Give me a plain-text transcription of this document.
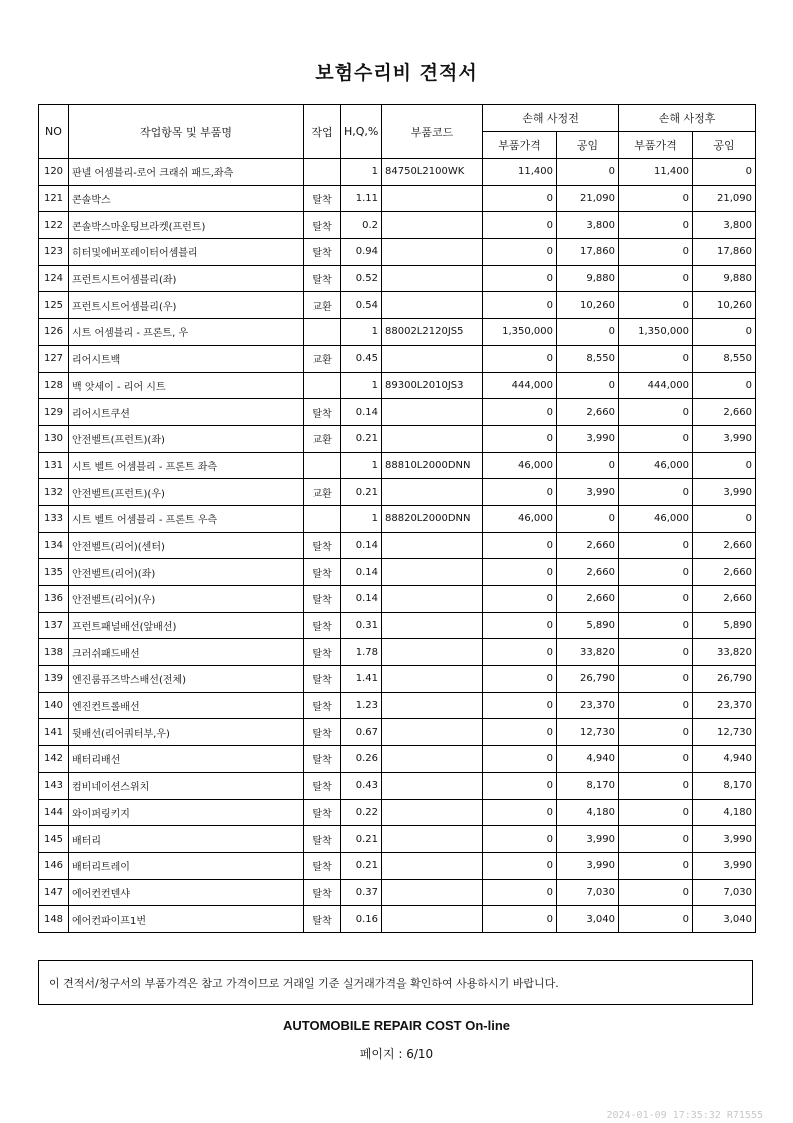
보험수리비 견적서
NO	작업항목 및 부품명	작업	H,Q,%	부품코드	손해 사정전		손해 사정후	
					부품가격	공임	부품가격	공임
120	판넬 어셈블리-로어 크래쉬 패드,좌측		1	84750L2100WK	11,400	0	11,400	0
121	콘솔박스	탈착	1.11		0	21,090	0	21,090
122	콘솔박스마운팅브라켓(프런트)	탈착	0.2		0	3,800	0	3,800
123	히터및에버포레이터어셈블리	탈착	0.94		0	17,860	0	17,860
124	프런트시트어셈블리(좌)	탈착	0.52		0	9,880	0	9,880
125	프런트시트어셈블리(우)	교환	0.54		0	10,260	0	10,260
126	시트 어셈블리 - 프론트, 우		1	88002L2120JS5	1,350,000	0	1,350,000	0
127	리어시트백	교환	0.45		0	8,550	0	8,550
128	백 앗세이 - 리어 시트		1	89300L2010JS3	444,000	0	444,000	0
129	리어시트쿠션	탈착	0.14		0	2,660	0	2,660
130	안전벨트(프런트)(좌)	교환	0.21		0	3,990	0	3,990
131	시트 벨트 어셈블리 - 프론트 좌측		1	88810L2000DNN	46,000	0	46,000	0
132	안전벨트(프런트)(우)	교환	0.21		0	3,990	0	3,990
133	시트 벨트 어셈블리 - 프론트 우측		1	88820L2000DNN	46,000	0	46,000	0
134	안전벨트(리어)(센터)	탈착	0.14		0	2,660	0	2,660
135	안전벨트(리어)(좌)	탈착	0.14		0	2,660	0	2,660
136	안전벨트(리어)(우)	탈착	0.14		0	2,660	0	2,660
137	프런트패널배선(앞배선)	탈착	0.31		0	5,890	0	5,890
138	크러쉬패드배선	탈착	1.78		0	33,820	0	33,820
139	엔진룸퓨즈박스배선(전체)	탈착	1.41		0	26,790	0	26,790
140	엔진컨트롤배선	탈착	1.23		0	23,370	0	23,370
141	뒷배선(리어쿼터부,우)	탈착	0.67		0	12,730	0	12,730
142	배터리배선	탈착	0.26		0	4,940	0	4,940
143	컴비네이션스위치	탈착	0.43		0	8,170	0	8,170
144	와이퍼링키지	탈착	0.22		0	4,180	0	4,180
145	배터리	탈착	0.21		0	3,990	0	3,990
146	배터리트레이	탈착	0.21		0	3,990	0	3,990
147	에어컨컨덴샤	탈착	0.37		0	7,030	0	7,030
148	에어컨파이프1번	탈착	0.16		0	3,040	0	3,040
이 견적서/청구서의 부품가격은 참고 가격이므로 거래일 기준 실거래가격을 확인하여 사용하시기 바랍니다.
AUTOMOBILE REPAIR COST On-line
페이지 : 6/10
2024-01-09 17:35:32 R71555
